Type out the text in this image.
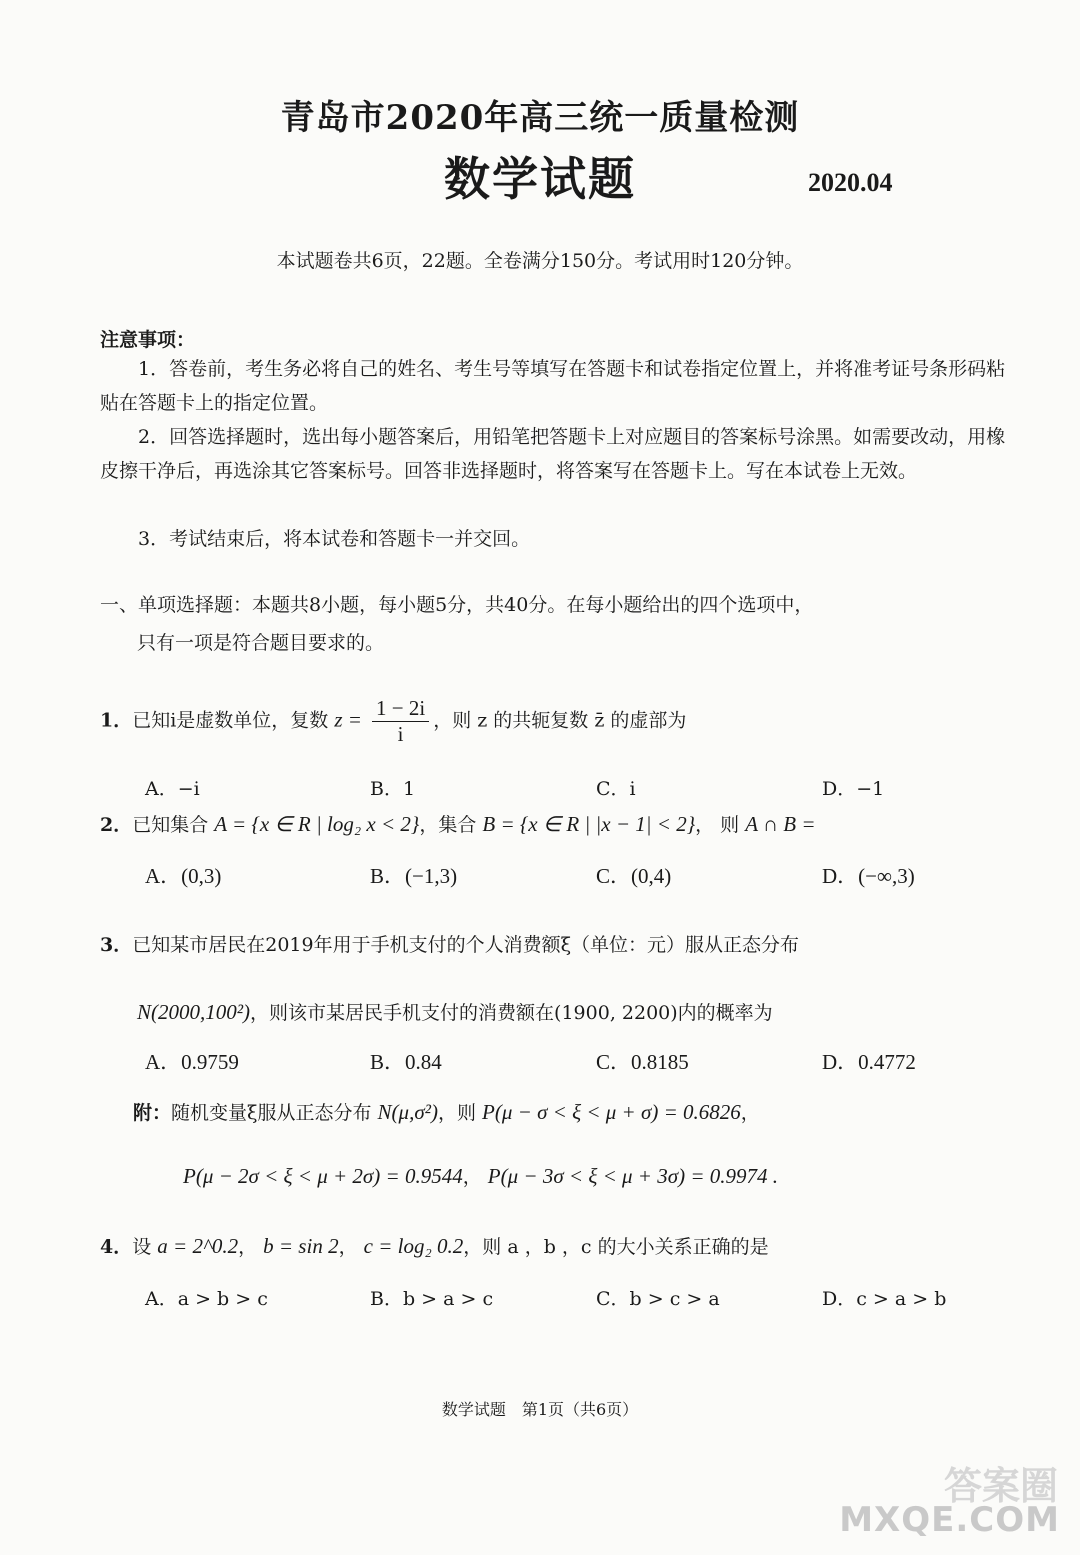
青岛市2020年高三统一质量检测
数学试题	2020.04
本试题卷共6页，22题。全卷满分150分。考试用时120分钟。
注意事项：
1．答卷前，考生务必将自己的姓名、考生号等填写在答题卡和试卷指定位置上，并将准考证号条形码粘贴在答题卡上的指定位置。
2．回答选择题时，选出每小题答案后，用铅笔把答题卡上对应题目的答案标号涂黑。如需要改动，用橡皮擦干净后，再选涂其它答案标号。回答非选择题时，将答案写在答题卡上。写在本试卷上无效。
3．考试结束后，将本试卷和答题卡一并交回。
一、单项选择题：本题共8小题，每小题5分，共40分。在每小题给出的四个选项中，
只有一项是符合题目要求的。
1．已知i是虚数单位，复数 $z = \frac{1 - 2i}{i}$ ，则 z 的共轭复数 z̄ 的虚部为
A．−i	B．1	C．i	D．−1
2．已知集合 A = {x ∈ R | log₂ x < 2}，集合 B = {x ∈ R | |x − 1| < 2}， 则 A ∩ B =
A．(0,3)	B．(−1,3)	C．(0,4)	D．(−∞,3)
3．已知某市居民在2019年用于手机支付的个人消费额ξ（单位：元）服从正态分布
N(2000,100²)，则该市某居民手机支付的消费额在(1900, 2200)内的概率为
A．0.9759	B．0.84	C．0.8185	D．0.4772
附：随机变量ξ服从正态分布 N(μ,σ²)，则 P(μ − σ < ξ < μ + σ) = 0.6826，
P(μ − 2σ < ξ < μ + 2σ) = 0.9544， P(μ − 3σ < ξ < μ + 3σ) = 0.9974 .
4．设 a = 2^0.2， b = sin 2， c = log₂ 0.2，则 a ，b ，c 的大小关系正确的是
A．a > b > c	B．b > a > c	C．b > c > a	D．c > a > b
数学试题　第1页（共6页）
答案圈
MXQE.COM
